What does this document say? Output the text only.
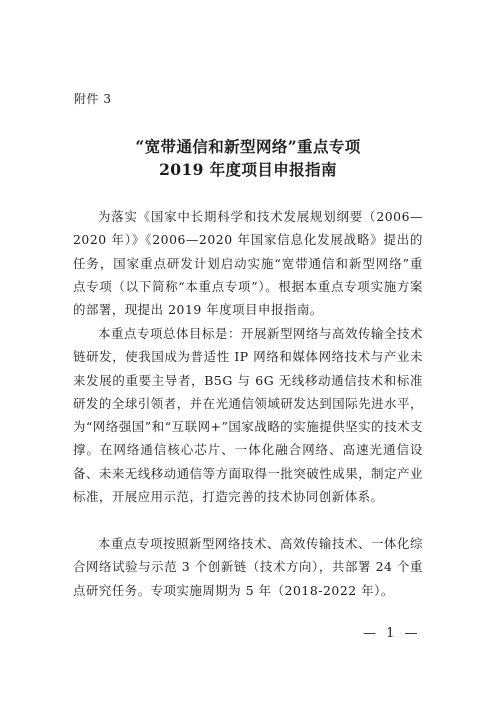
附件 3
“宽带通信和新型网络”重点专项
2019 年度项目申报指南

为落实《国家中长期科学和技术发展规划纲要（2006—2020 年）》《2006—2020 年国家信息化发展战略》提出的任务，国家重点研发计划启动实施“宽带通信和新型网络”重点专项（以下简称“本重点专项”）。根据本重点专项实施方案的部署，现提出 2019 年度项目申报指南。

本重点专项总体目标是：开展新型网络与高效传输全技术链研发，使我国成为普适性 IP 网络和媒体网络技术与产业未来发展的重要主导者，B5G 与 6G 无线移动通信技术和标准研发的全球引领者，并在光通信领域研发达到国际先进水平，为“网络强国”和“互联网+”国家战略的实施提供坚实的技术支撑。在网络通信核心芯片、一体化融合网络、高速光通信设备、未来无线移动通信等方面取得一批突破性成果，制定产业标准，开展应用示范，打造完善的技术协同创新体系。

本重点专项按照新型网络技术、高效传输技术、一体化综合网络试验与示范 3 个创新链（技术方向），共部署 24 个重点研究任务。专项实施周期为 5 年（2018-2022 年）。

— 1 —
